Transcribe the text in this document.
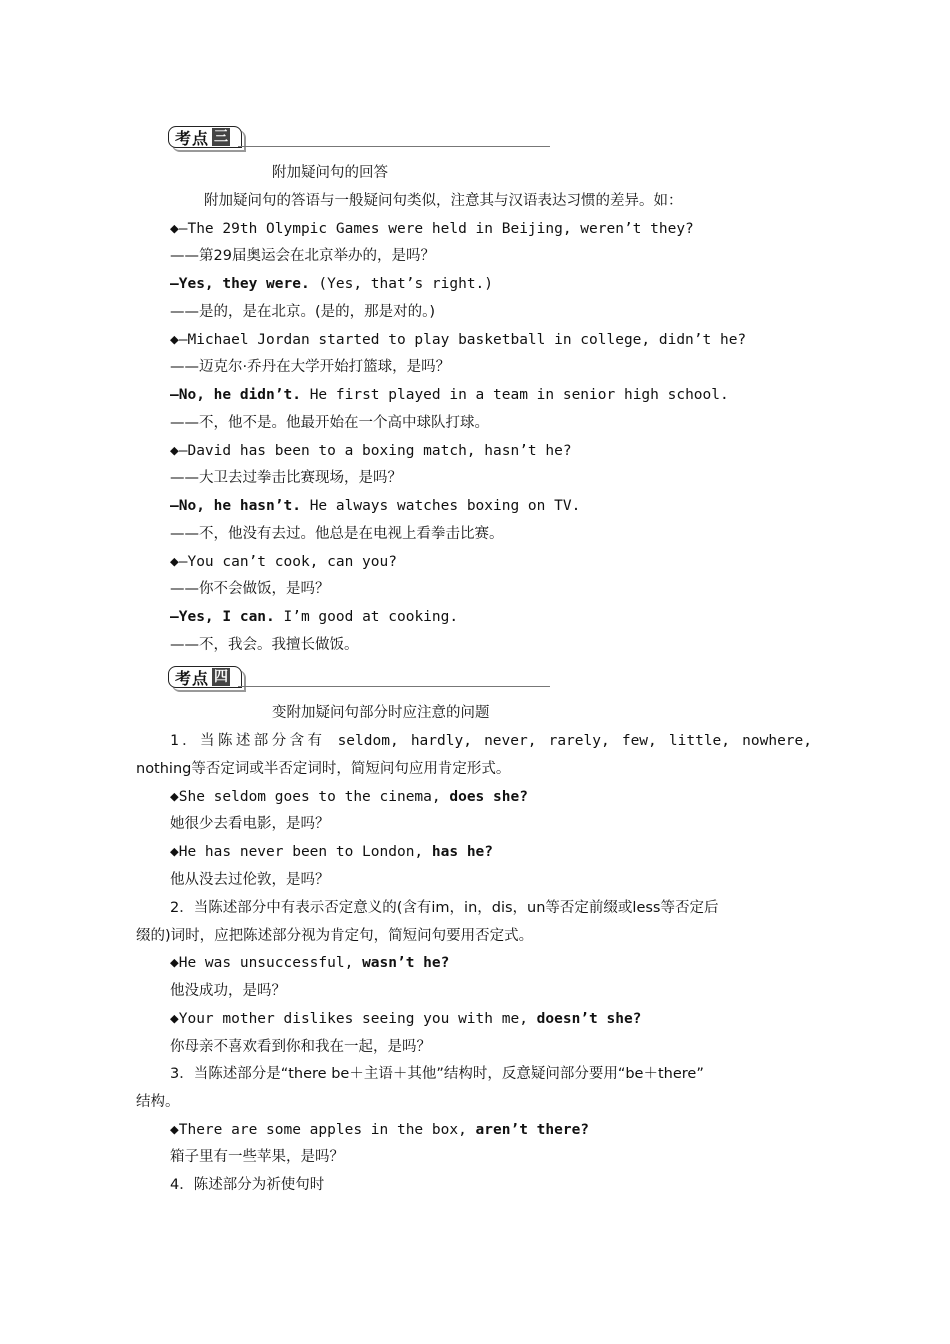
考点 三
附加疑问句的回答
附加疑问句的答语与一般疑问句类似，注意其与汉语表达习惯的差异。如：
◆—The 29th Olympic Games were held in Beijing, weren’t they?
——第29届奥运会在北京举办的，是吗？
—Yes, they were. (Yes, that’s right.)
——是的，是在北京。(是的，那是对的。)
◆—Michael Jordan started to play basketball in college, didn’t he?
——迈克尔·乔丹在大学开始打篮球，是吗？
—No, he didn’t. He first played in a team in senior high school.
——不，他不是。他最开始在一个高中球队打球。
◆—David has been to a boxing match, hasn’t he?
——大卫去过拳击比赛现场，是吗？
—No, he hasn’t. He always watches boxing on TV.
——不，他没有去过。他总是在电视上看拳击比赛。
◆—You can’t cook, can you?
——你不会做饭，是吗？
—Yes, I can. I’m good at cooking.
——不，我会。我擅长做饭。
考点 四
变附加疑问句部分时应注意的问题
1．当陈述部分含有 seldom, hardly, never, rarely, few, little, nowhere,
nothing等否定词或半否定词时，简短问句应用肯定形式。
◆She seldom goes to the cinema, does she?
她很少去看电影，是吗？
◆He has never been to London, has he?
他从没去过伦敦，是吗？
2．当陈述部分中有表示否定意义的(含有im，in，dis，un等否定前缀或less等否定后
缀的)词时，应把陈述部分视为肯定句，简短问句要用否定式。
◆He was unsuccessful, wasn’t he?
他没成功，是吗？
◆Your mother dislikes seeing you with me, doesn’t she?
你母亲不喜欢看到你和我在一起，是吗？
3．当陈述部分是“there be＋主语＋其他”结构时，反意疑问部分要用“be＋there”
结构。
◆There are some apples in the box, aren’t there?
箱子里有一些苹果，是吗？
4．陈述部分为祈使句时
